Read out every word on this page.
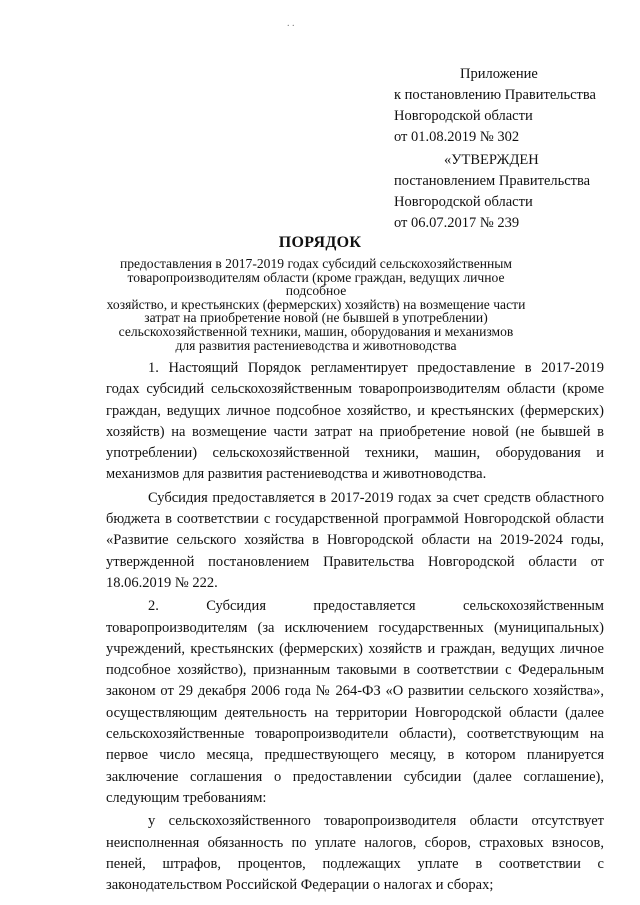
. .
Приложение
к постановлению Правительства
Новгородской области
от 01.08.2019 № 302
«УТВЕРЖДЕН
постановлением Правительства
Новгородской области
от 06.07.2017 № 239
ПОРЯДОК
предоставления в 2017-2019 годах субсидий сельскохозяйственным
товаропроизводителям области (кроме граждан, ведущих личное подсобное
хозяйство, и крестьянских (фермерских) хозяйств) на возмещение части
затрат на приобретение новой (не бывшей в употреблении)
сельскохозяйственной техники, машин, оборудования и механизмов
для развития растениеводства и животноводства

1. Настоящий Порядок регламентирует предоставление в 2017-2019 годах субсидий сельскохозяйственным товаропроизводителям области (кроме граждан, ведущих личное подсобное хозяйство, и крестьянских (фермерских) хозяйств) на возмещение части затрат на приобретение новой (не бывшей в употреблении) сельскохозяйственной техники, машин, оборудования и механизмов для развития растениеводства и животноводства.

Субсидия предоставляется в 2017-2019 годах за счет средств областного бюджета в соответствии с государственной программой Новгородской области «Развитие сельского хозяйства в Новгородской области на 2019-2024 годы, утвержденной постановлением Правительства Новгородской области от 18.06.2019 № 222.

2. Субсидия предоставляется сельскохозяйственным товаропроизводителям (за исключением государственных (муниципальных) учреждений, крестьянских (фермерских) хозяйств и граждан, ведущих личное подсобное хозяйство), признанным таковыми в соответствии с Федеральным законом от 29 декабря 2006 года № 264-ФЗ «О развитии сельского хозяйства», осуществляющим деятельность на территории Новгородской области (далее сельскохозяйственные товаропроизводители области), соответствующим на первое число месяца, предшествующего месяцу, в котором планируется заключение соглашения о предоставлении субсидии (далее соглашение), следующим требованиям:

у сельскохозяйственного товаропроизводителя области отсутствует неисполненная обязанность по уплате налогов, сборов, страховых взносов, пеней, штрафов, процентов, подлежащих уплате в соответствии с законодательством Российской Федерации о налогах и сборах;
